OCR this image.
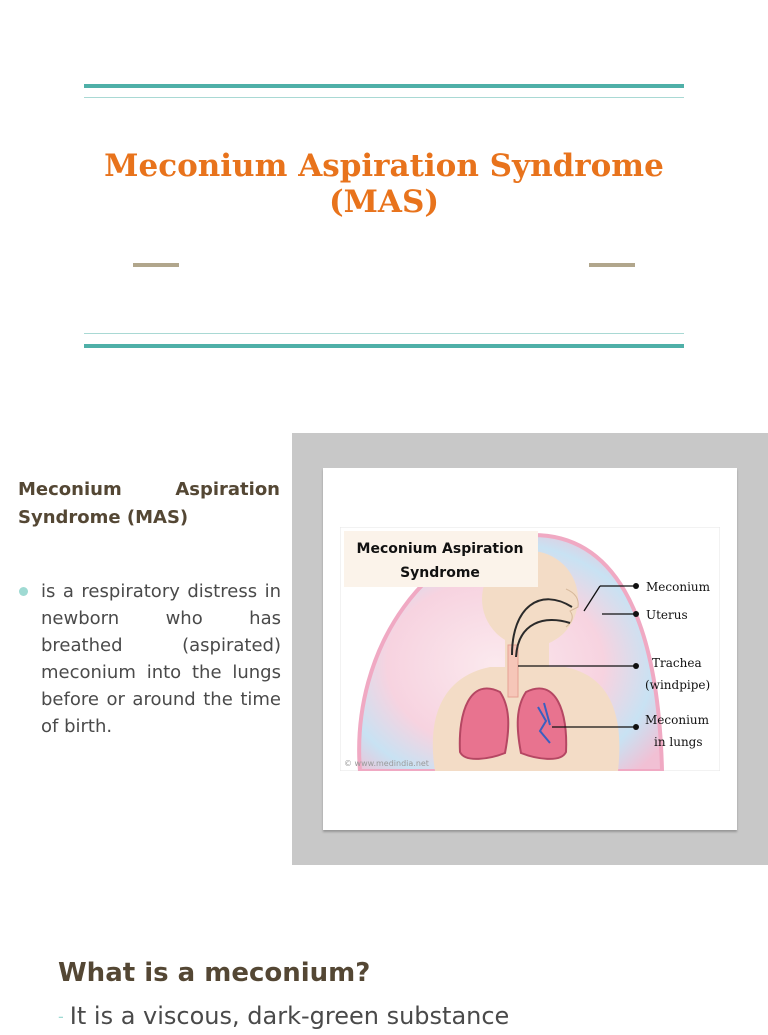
Meconium Aspiration Syndrome
(MAS)

Meconium Aspiration Syndrome (MAS)

is a respiratory distress in newborn who has breathed (aspirated) meconium into the lungs before or around the time of birth.

Meconium Aspiration
Syndrome
Meconium
Uterus
Trachea
(windpipe)
Meconium
in lungs
© www.medindia.net
What is a meconium?

- It is a viscous, dark-green substance
